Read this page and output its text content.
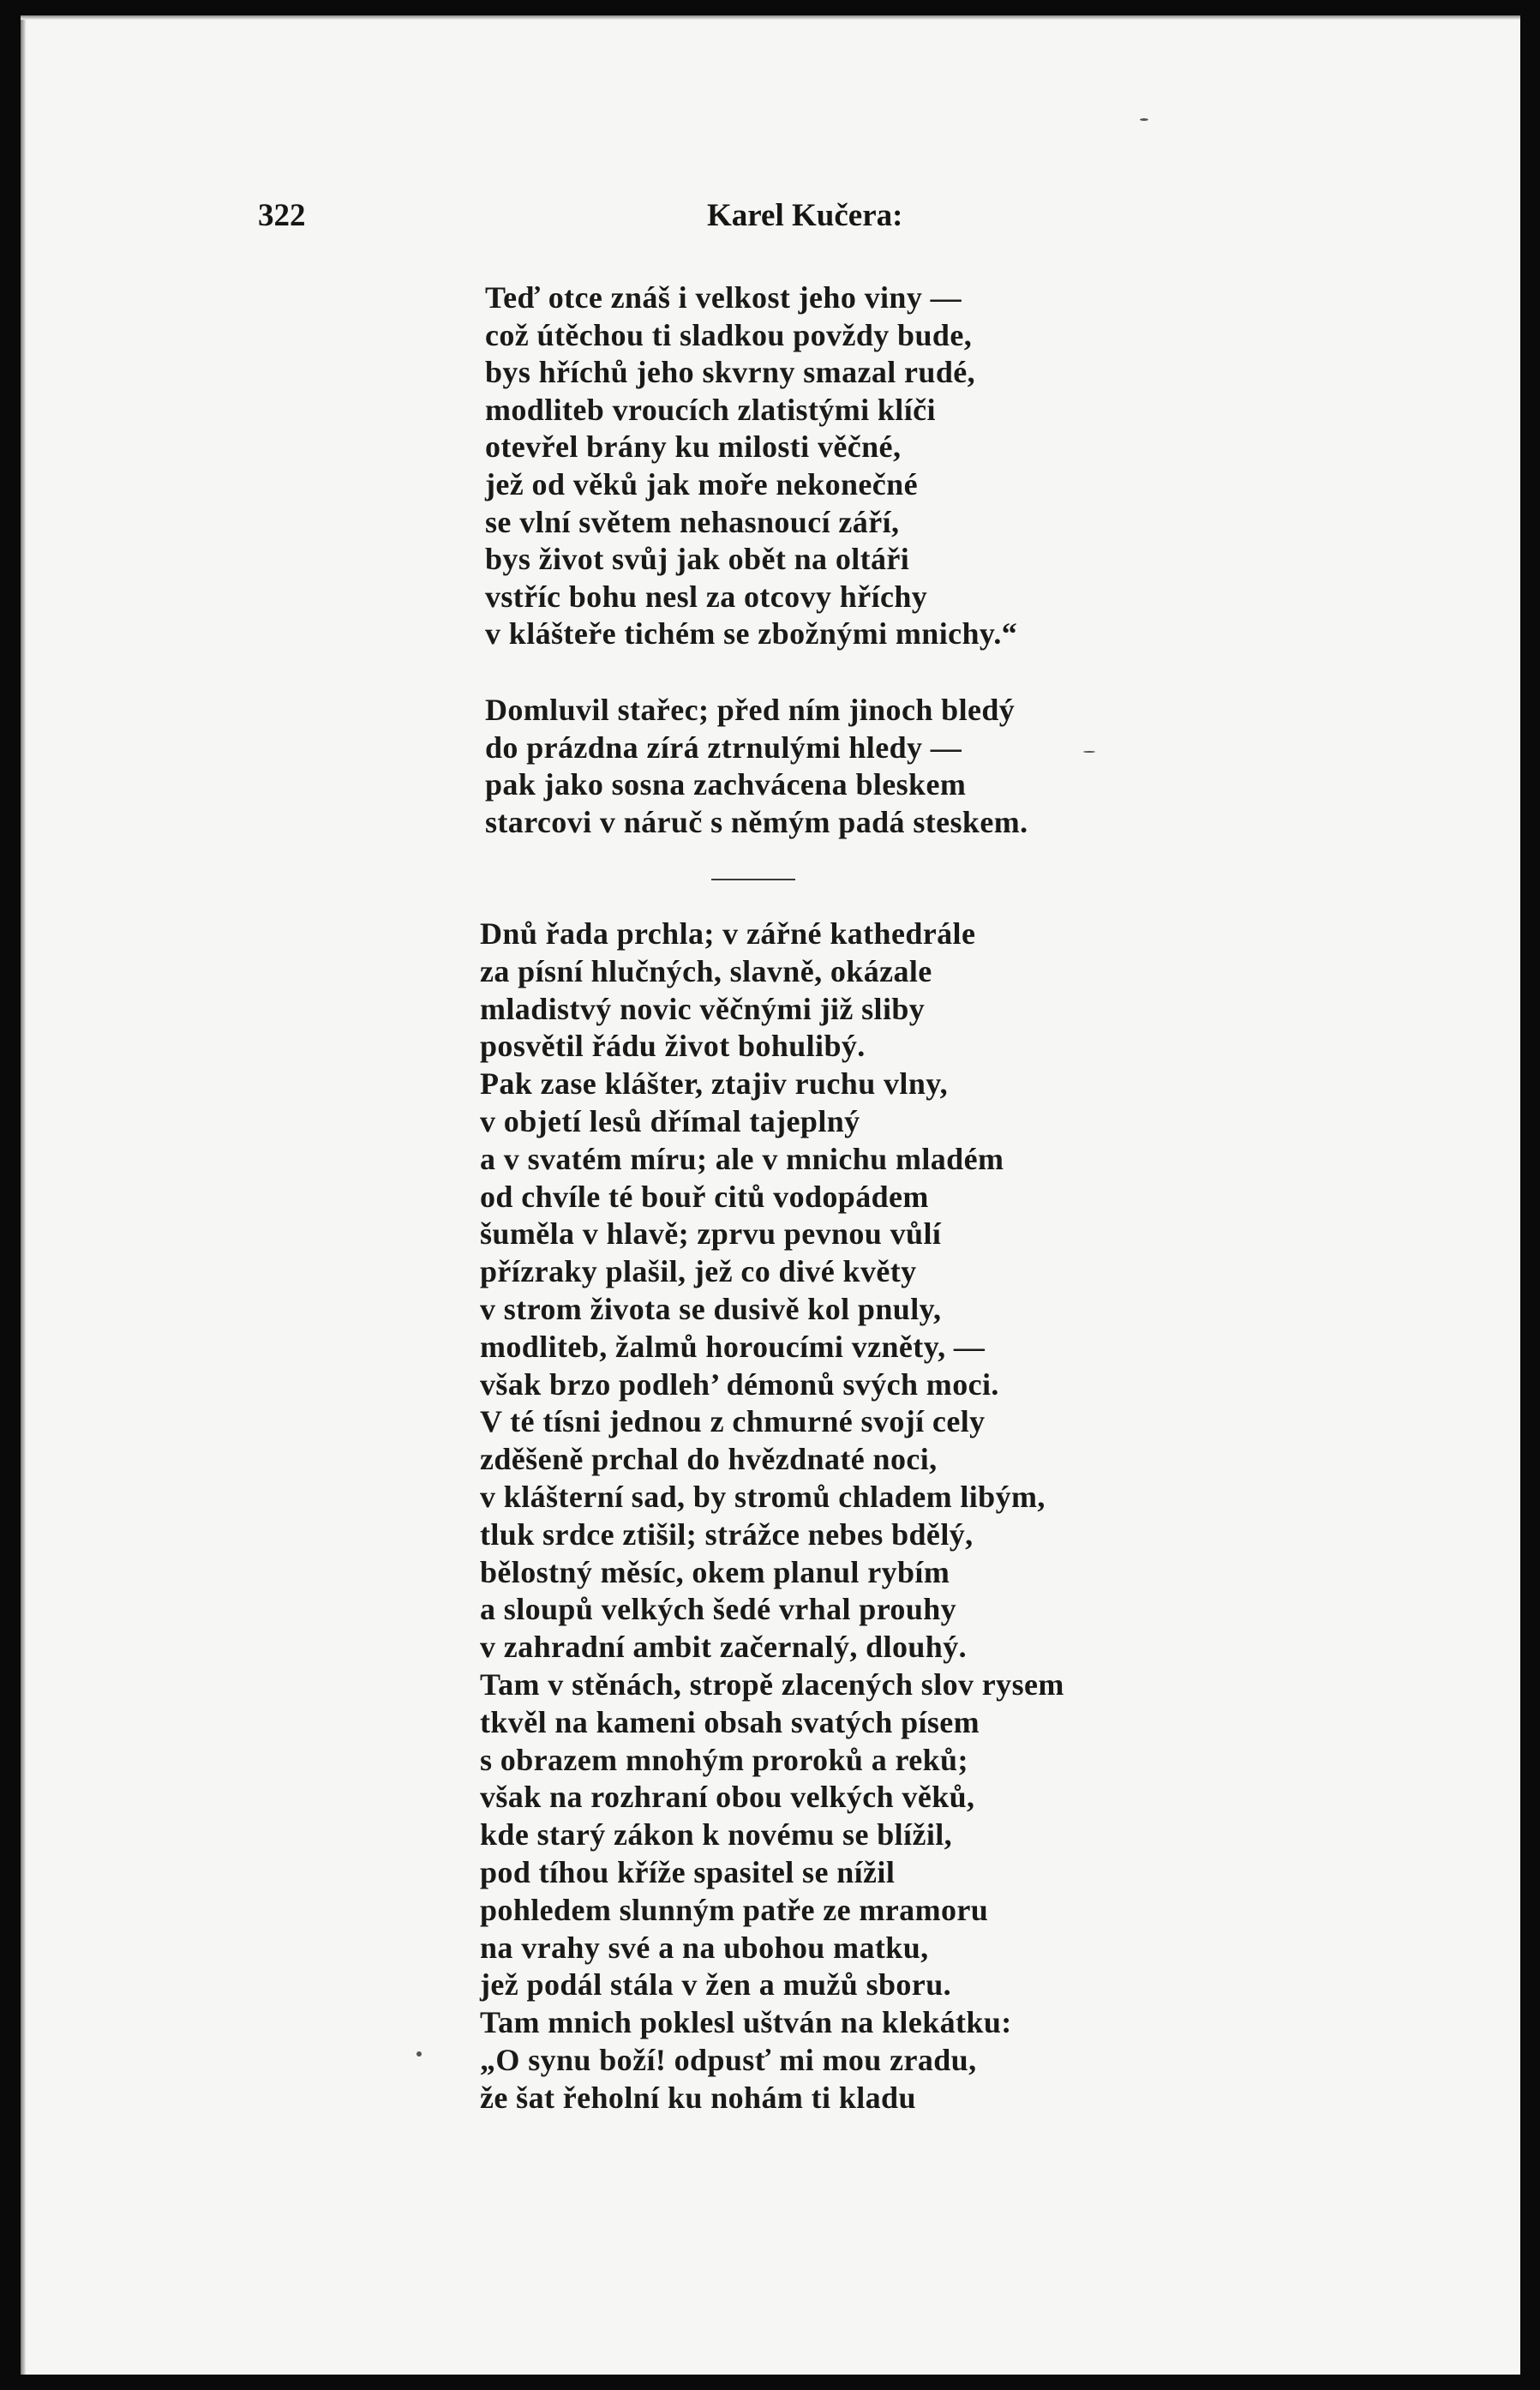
322	Karel Kučera:
Teď otce znáš i velkost jeho viny —
což útěchou ti sladkou povždy bude,
bys hříchů jeho skvrny smazal rudé,
modliteb vroucích zlatistými klíči
otevřel brány ku milosti věčné,
jež od věků jak moře nekonečné
se vlní světem nehasnoucí září,
bys život svůj jak obět na oltáři
vstříc bohu nesl za otcovy hříchy
v klášteře tichém se zbožnými mnichy.“
Domluvil stařec; před ním jinoch bledý
do prázdna zírá ztrnulými hledy —
pak jako sosna zachvácena bleskem
starcovi v náruč s němým padá steskem.
Dnů řada prchla; v zářné kathedrále
za písní hlučných, slavně, okázale
mladistvý novic věčnými již sliby
posvětil řádu život bohulibý.
Pak zase klášter, ztajiv ruchu vlny,
v objetí lesů dřímal tajeplný
a v svatém míru; ale v mnichu mladém
od chvíle té bouř citů vodopádem
šuměla v hlavě; zprvu pevnou vůlí
přízraky plašil, jež co divé květy
v strom života se dusivě kol pnuly,
modliteb, žalmů horoucími vzněty, —
však brzo podleh’ démonů svých moci.
V té tísni jednou z chmurné svojí cely
zděšeně prchal do hvězdnaté noci,
v klášterní sad, by stromů chladem libým,
tluk srdce ztišil; strážce nebes bdělý,
bělostný měsíc, okem planul rybím
a sloupů velkých šedé vrhal prouhy
v zahradní ambit začernalý, dlouhý.
Tam v stěnách, stropě zlacených slov rysem
tkvěl na kameni obsah svatých písem
s obrazem mnohým proroků a reků;
však na rozhraní obou velkých věků,
kde starý zákon k novému se blížil,
pod tíhou kříže spasitel se nížil
pohledem slunným patře ze mramoru
na vrahy své a na ubohou matku,
jež podál stála v žen a mužů sboru.
Tam mnich poklesl uštván na klekátku:
„O synu boží! odpusť mi mou zradu,
že šat řeholní ku nohám ti kladu
